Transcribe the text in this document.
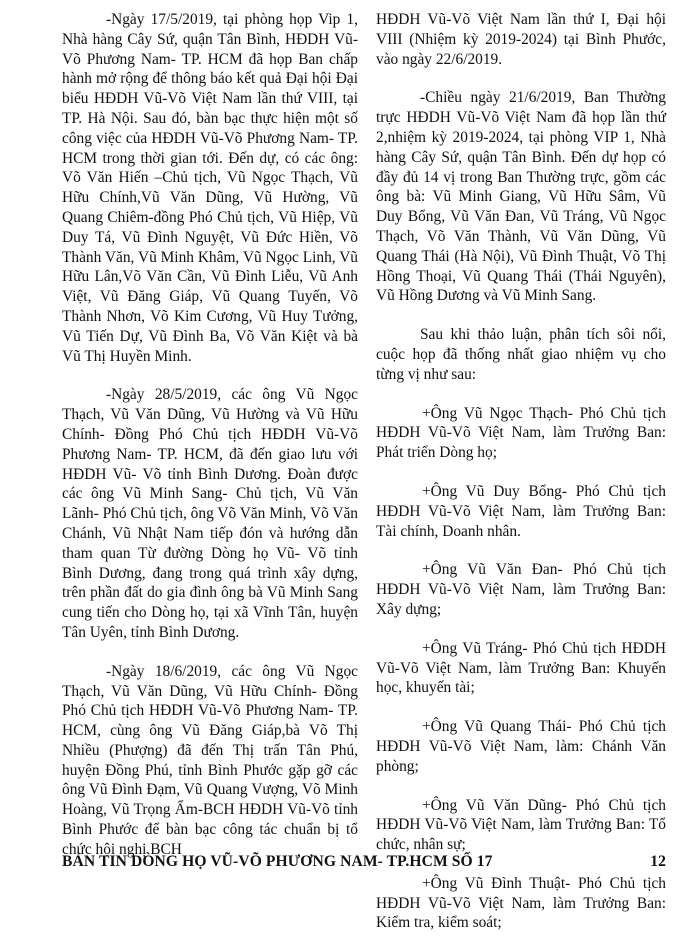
-Ngày 17/5/2019, tại phòng họp Vip 1, Nhà hàng Cây Sứ, quận Tân Bình, HĐDH Vũ-Võ Phương Nam- TP. HCM đã họp Ban chấp hành mở rộng để thông báo kết quả Đại hội Đại biểu HĐDH Vũ-Võ Việt Nam lần thứ VIII, tại TP. Hà Nội. Sau đó, bàn bạc thực hiện một số công việc của HĐDH Vũ-Võ Phương Nam- TP. HCM trong thời gian tới. Đến dự, có các ông: Võ Văn Hiến –Chủ tịch, Vũ Ngọc Thạch, Vũ Hữu Chính,Vũ Văn Dũng, Vũ Hường, Vũ Quang Chiêm-đồng Phó Chủ tịch, Vũ Hiệp, Vũ Duy Tá, Vũ Đình Nguyệt, Vũ Đức Hiền, Võ Thành Văn, Vũ Minh Khâm, Vũ Ngọc Linh, Vũ Hữu Lân,Võ Văn Cần, Vũ Đình Liễu, Vũ Anh Việt, Vũ Đăng Giáp, Vũ Quang Tuyến, Võ Thành Nhơn, Võ Kim Cương, Vũ Huy Tưởng, Vũ Tiến Dự, Vũ Đình Ba, Võ Văn Kiệt và bà Vũ Thị Huyền Minh.

-Ngày 28/5/2019, các ông Vũ Ngọc Thạch, Vũ Văn Dũng, Vũ Hường và Vũ Hữu Chính- Đồng Phó Chủ tịch HĐDH Vũ-Võ Phương Nam- TP. HCM, đã đến giao lưu với HĐDH Vũ- Võ tỉnh Bình Dương. Đoàn được các ông Vũ Minh Sang- Chủ tịch, Vũ Văn Lãnh- Phó Chủ tịch, ông Võ Văn Minh, Võ Văn Chánh, Vũ Nhật Nam tiếp đón và hướng dẫn tham quan Từ đường Dòng họ Vũ- Võ tỉnh Bình Dương, đang trong quá trình xây dựng, trên phần đất do gia đình ông bà Vũ Minh Sang cung tiến cho Dòng họ, tại xã Vĩnh Tân, huyện Tân Uyên, tỉnh Bình Dương.

-Ngày 18/6/2019, các ông Vũ Ngọc Thạch, Vũ Văn Dũng, Vũ Hữu Chính- Đồng Phó Chủ tịch HĐDH Vũ-Võ Phương Nam- TP. HCM, cùng ông Vũ Đăng Giáp,bà Võ Thị Nhiều (Phượng) đã đến Thị trấn Tân Phú, huyện Đồng Phú, tỉnh Bình Phước gặp gỡ các ông Vũ Đình Đạm, Vũ Quang Vượng, Võ Minh Hoàng, Vũ Trọng Ẩm-BCH HĐDH Vũ-Võ tỉnh Bình Phước để bàn bạc công tác chuẩn bị tổ chức hội nghị BCH

HĐDH Vũ-Võ Việt Nam lần thứ I, Đại hội VIII (Nhiệm kỳ 2019-2024) tại Bình Phước, vào ngày 22/6/2019.

-Chiều ngày 21/6/2019, Ban Thường trực HĐDH Vũ-Võ Việt Nam đã họp lần thứ 2,nhiệm kỳ 2019-2024, tại phòng VIP 1, Nhà hàng Cây Sứ, quận Tân Bình. Đến dự họp có đầy đủ 14 vị trong Ban Thường trực, gồm các ông bà: Vũ Minh Giang, Vũ Hữu Sâm, Vũ Duy Bổng, Vũ Văn Đan, Vũ Tráng, Vũ Ngọc Thạch, Võ Văn Thành, Vũ Văn Dũng, Vũ Quang Thái (Hà Nội), Vũ Đình Thuật, Võ Thị Hồng Thoại, Vũ Quang Thái (Thái Nguyên), Vũ Hồng Dương và Vũ Minh Sang.

Sau khi thảo luận, phân tích sôi nổi, cuộc họp đã thống nhất giao nhiệm vụ cho từng vị như sau:

+Ông Vũ Ngọc Thạch- Phó Chủ tịch HĐDH Vũ-Võ Việt Nam, làm Trưởng Ban: Phát triển Dòng họ;

+Ông Vũ Duy Bổng- Phó Chủ tịch HĐDH Vũ-Võ Việt Nam, làm Trưởng Ban: Tài chính, Doanh nhân.

+Ông Vũ Văn Đan- Phó Chủ tịch HĐDH Vũ-Võ Việt Nam, làm Trưởng Ban: Xây dựng;

+Ông Vũ Tráng- Phó Chủ tịch HĐDH Vũ-Võ Việt Nam, làm Trưởng Ban: Khuyến học, khuyến tài;

+Ông Vũ Quang Thái- Phó Chủ tịch HĐDH Vũ-Võ Việt Nam, làm: Chánh Văn phòng;

+Ông Vũ Văn Dũng- Phó Chủ tịch HĐDH Vũ-Võ Việt Nam, làm Trưởng Ban: Tổ chức, nhân sự;

+Ông Vũ Đình Thuật- Phó Chủ tịch HĐDH Vũ-Võ Việt Nam, làm Trưởng Ban: Kiểm tra, kiểm soát;

BẢN TIN DÒNG HỌ VŨ-VÕ PHƯƠNG NAM- TP.HCM SỐ 17	12
